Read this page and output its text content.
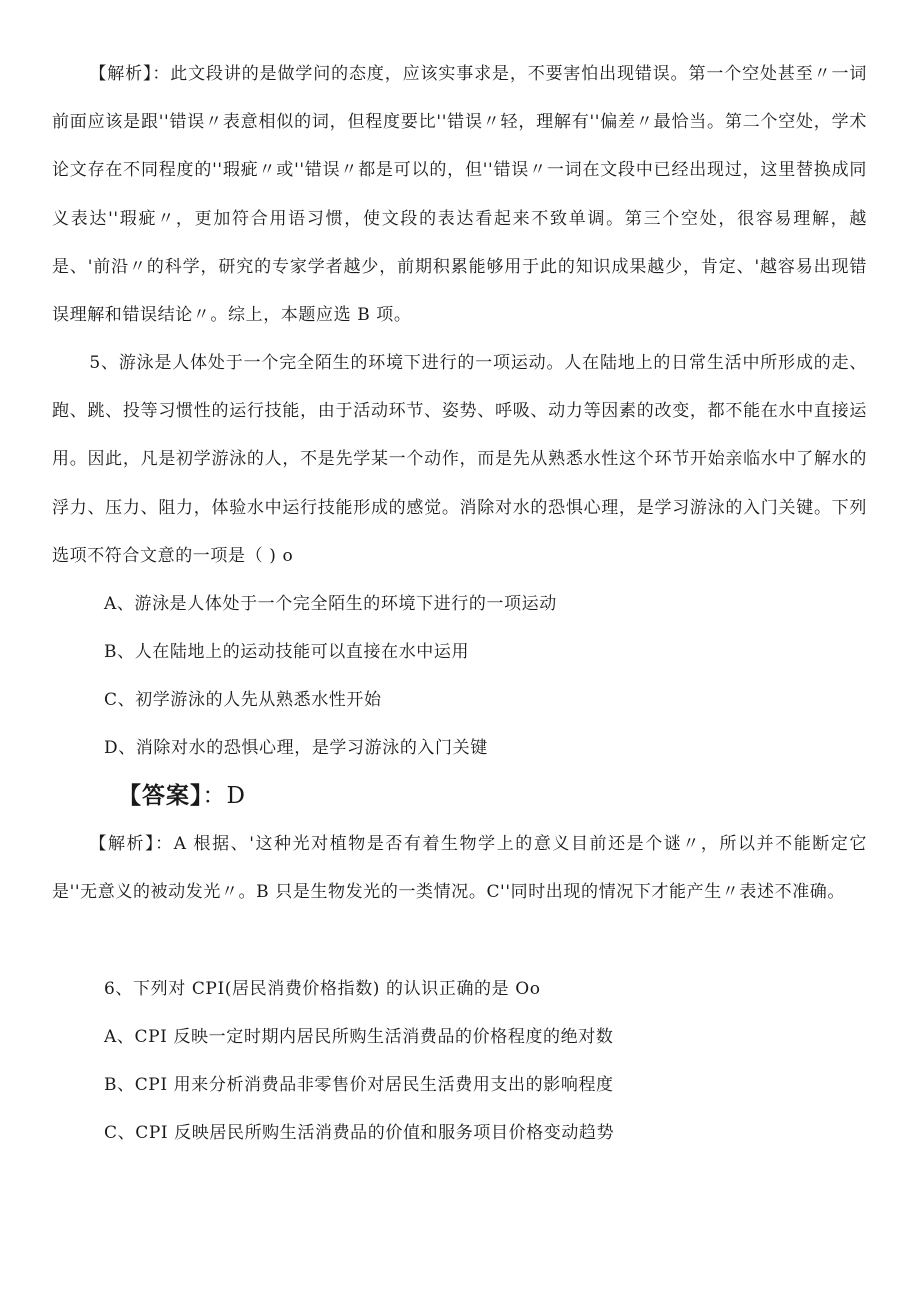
【解析】：此文段讲的是做学问的态度，应该实事求是，不要害怕出现错误。第一个空处甚至〃一词前面应该是跟''错误〃表意相似的词，但程度要比''错误〃轻，理解有''偏差〃最恰当。第二个空处，学术论文存在不同程度的''瑕疵〃或''错误〃都是可以的，但''错误〃一词在文段中已经出现过，这里替换成同义表达''瑕疵〃，更加符合用语习惯，使文段的表达看起来不致单调。第三个空处，很容易理解，越是、'前沿〃的科学，研究的专家学者越少，前期积累能够用于此的知识成果越少，肯定、'越容易出现错误理解和错误结论〃。综上，本题应选 B 项。

5、游泳是人体处于一个完全陌生的环境下进行的一项运动。人在陆地上的日常生活中所形成的走、跑、跳、投等习惯性的运行技能，由于活动环节、姿势、呼吸、动力等因素的改变，都不能在水中直接运用。因此，凡是初学游泳的人，不是先学某一个动作，而是先从熟悉水性这个环节开始亲临水中了解水的浮力、压力、阻力，体验水中运行技能形成的感觉。消除对水的恐惧心理，是学习游泳的入门关键。下列选项不符合文意的一项是（ ) o

A、游泳是人体处于一个完全陌生的环境下进行的一项运动

B、人在陆地上的运动技能可以直接在水中运用

C、初学游泳的人先从熟悉水性开始

D、消除对水的恐惧心理，是学习游泳的入门关键

【答案】：D

【解析】：A 根据、'这种光对植物是否有着生物学上的意义目前还是个谜〃，所以并不能断定它是''无意义的被动发光〃。B 只是生物发光的一类情况。C''同时出现的情况下才能产生〃表述不准确。

6、下列对 CPI(居民消费价格指数) 的认识正确的是 Oo

A、CPI 反映一定时期内居民所购生活消费品的价格程度的绝对数

B、CPI 用来分析消费品非零售价对居民生活费用支出的影响程度

C、CPI 反映居民所购生活消费品的价值和服务项目价格变动趋势
